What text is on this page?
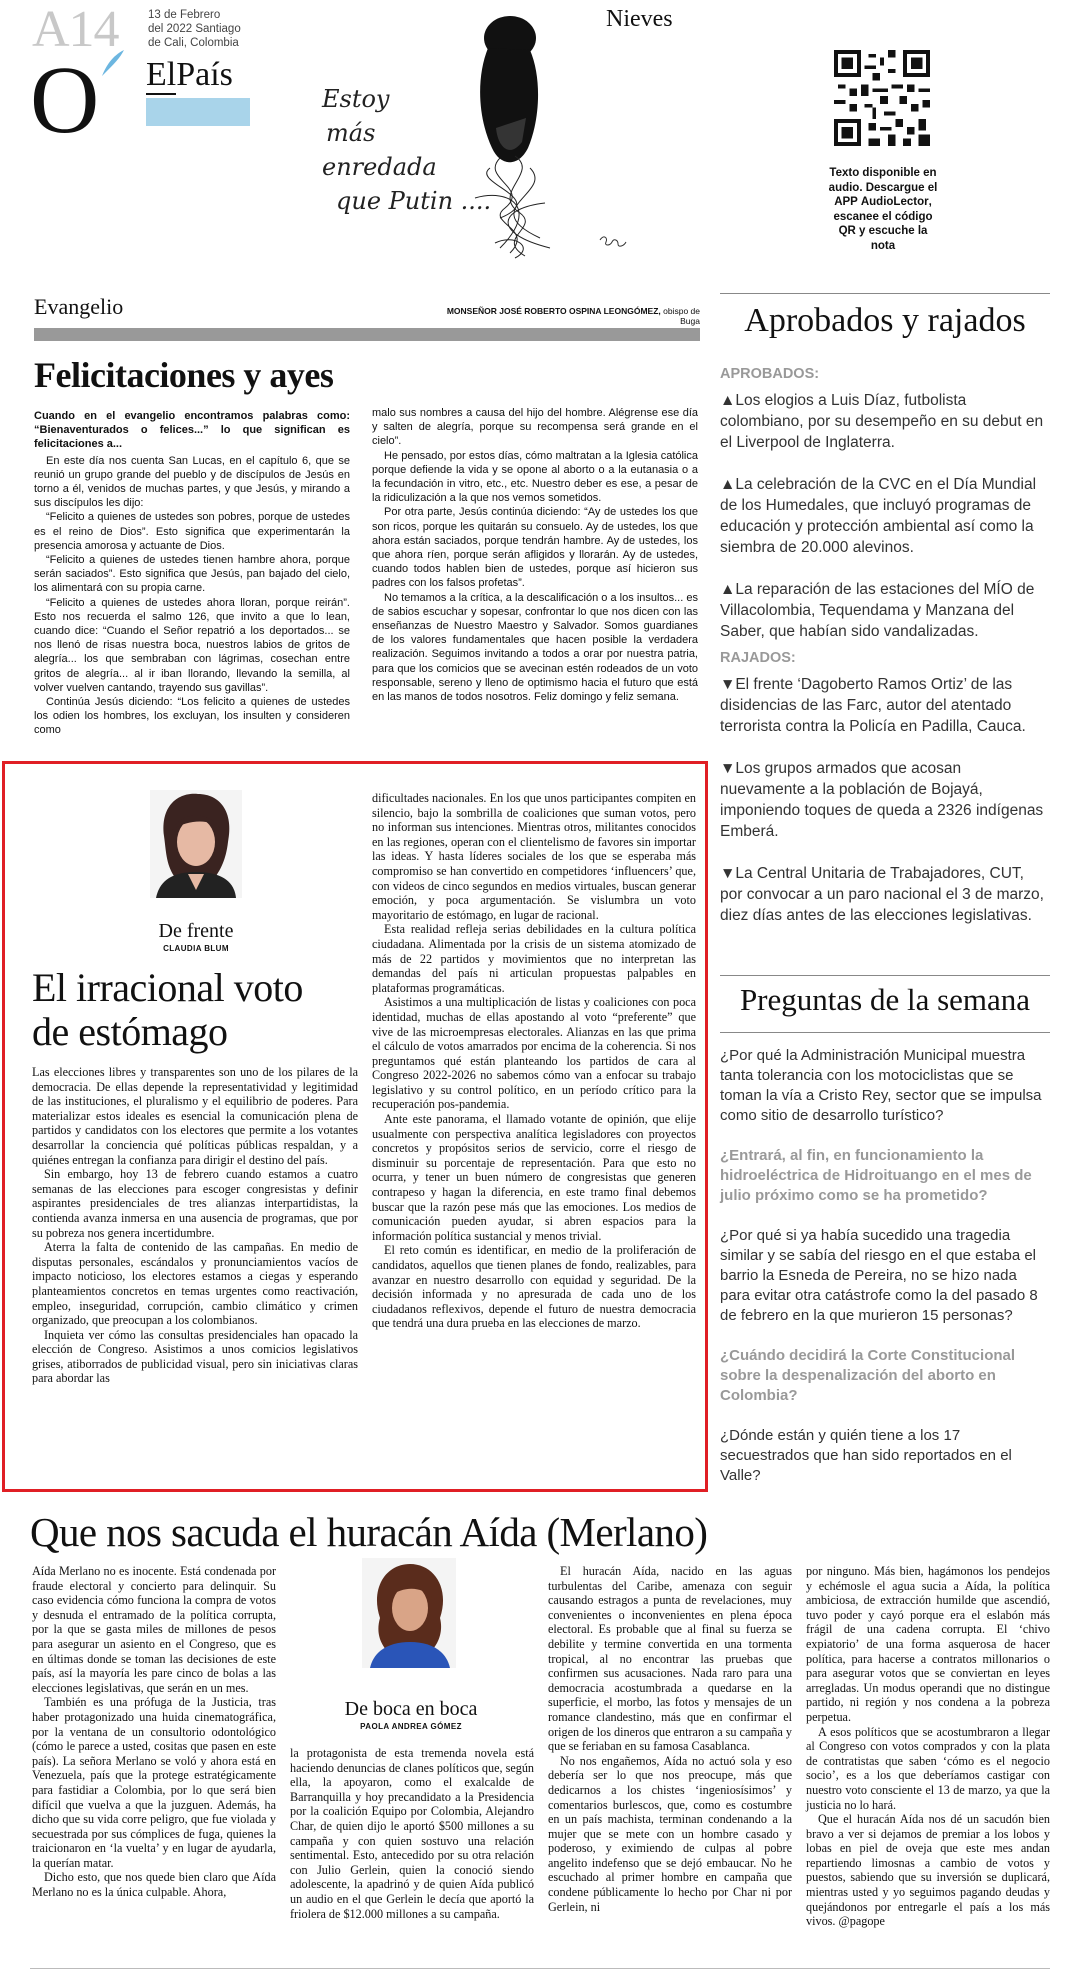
A14	13 de Febrero
del 2022 Santiago
de Cali, Colombia
O ElPaís
Nieves
Estoy
más
enredada
que Putin ....
Texto disponible en
audio. Descargue el
APP AudioLector,
escanee el código
QR y escuche la
nota
Evangelio	MONSEÑOR JOSÉ ROBERTO OSPINA LEONGÓMEZ, obispo de Buga
Felicitaciones y ayes

Cuando en el evangelio encontramos palabras como: “Bienaventurados o felices...” lo que significan es felicitaciones a...

En este día nos cuenta San Lucas, en el capítulo 6, que se reunió un grupo grande del pueblo y de discípulos de Jesús en torno a él, venidos de muchas partes, y que Jesús, y mirando a sus discípulos les dijo:

“Felicito a quienes de ustedes son pobres, porque de ustedes es el reino de Dios”. Esto significa que experimentarán la presencia amorosa y actuante de Dios.

“Felicito a quienes de ustedes tienen hambre ahora, porque serán saciados”. Esto significa que Jesús, pan bajado del cielo, los alimentará con su propia carne.

“Felicito a quienes de ustedes ahora lloran, porque reirán”. Esto nos recuerda el salmo 126, que invito a que lo lean, cuando dice: “Cuando el Señor repatrió a los deportados... se nos llenó de risas nuestra boca, nuestros labios de gritos de alegría... los que sembraban con lágrimas, cosechan entre gritos de alegría... al ir iban llorando, llevando la semilla, al volver vuelven cantando, trayendo sus gavillas”.

Continúa Jesús diciendo: “Los felicito a quienes de ustedes los odien los hombres, los excluyan, los insulten y consideren como

malo sus nombres a causa del hijo del hombre. Alégrense ese día y salten de alegría, porque su recompensa será grande en el cielo”.

He pensado, por estos días, cómo maltratan a la Iglesia católica porque defiende la vida y se opone al aborto o a la eutanasia o a la fecundación in vitro, etc., etc. Nuestro deber es ese, a pesar de la ridiculización a la que nos vemos sometidos.

Por otra parte, Jesús continúa diciendo: “Ay de ustedes los que son ricos, porque les quitarán su consuelo. Ay de ustedes, los que ahora están saciados, porque tendrán hambre. Ay de ustedes, los que ahora ríen, porque serán afligidos y llorarán. Ay de ustedes, cuando todos hablen bien de ustedes, porque así hicieron sus padres con los falsos profetas”.

No temamos a la crítica, a la descalificación o a los insultos... es de sabios escuchar y sopesar, confrontar lo que nos dicen con las enseñanzas de Nuestro Maestro y Salvador. Somos guardianes de los valores fundamentales que hacen posible la verdadera realización. Seguimos invitando a todos a orar por nuestra patria, para que los comicios que se avecinan estén rodeados de un voto responsable, sereno y lleno de optimismo hacia el futuro que está en las manos de todos nosotros. Feliz domingo y feliz semana.

Aprobados y rajados
APROBADOS:
▲Los elogios a Luis Díaz, futbolista colombiano, por su desempeño en su debut en el Liverpool de Inglaterra.
▲La celebración de la CVC en el Día Mundial de los Humedales, que incluyó programas de educación y protección ambiental así como la siembra de 20.000 alevinos.
▲La reparación de las estaciones del MÍO de Villacolombia, Tequendama y Manzana del Saber, que habían sido vandalizadas.
RAJADOS:
▼El frente ‘Dagoberto Ramos Ortiz’ de las disidencias de las Farc, autor del atentado terrorista contra la Policía en Padilla, Cauca.
▼Los grupos armados que acosan nuevamente a la población de Bojayá, imponiendo toques de queda a 2326 indígenas Emberá.
▼La Central Unitaria de Trabajadores, CUT, por convocar a un paro nacional el 3 de marzo, diez días antes de las elecciones legislativas.
Preguntas de la semana
¿Por qué la Administración Municipal muestra tanta tolerancia con los motociclistas que se toman la vía a Cristo Rey, sector que se impulsa como sitio de desarrollo turístico?
¿Entrará, al fin, en funcionamiento la hidroeléctrica de Hidroituango en el mes de julio próximo como se ha prometido?
¿Por qué si ya había sucedido una tragedia similar y se sabía del riesgo en el que estaba el barrio la Esneda de Pereira, no se hizo nada para evitar otra catástrofe como la del pasado 8 de febrero en la que murieron 15 personas?
¿Cuándo decidirá la Corte Constitucional sobre la despenalización del aborto en Colombia?
¿Dónde están y quién tiene a los 17 secuestrados que han sido reportados en el Valle?
De frente
CLAUDIA BLUM
El irracional voto
de estómago

Las elecciones libres y transparentes son uno de los pilares de la democracia. De ellas depende la representatividad y legitimidad de las instituciones, el pluralismo y el equilibrio de poderes. Para materializar estos ideales es esencial la comunicación plena de partidos y candidatos con los electores que permite a los votantes desarrollar la conciencia qué políticas públicas respaldan, y a quiénes entregan la confianza para dirigir el destino del país.

Sin embargo, hoy 13 de febrero cuando estamos a cuatro semanas de las elecciones para escoger congresistas y definir aspirantes presidenciales de tres alianzas interpartidistas, la contienda avanza inmersa en una ausencia de programas, que por su pobreza nos genera incertidumbre.

Aterra la falta de contenido de las campañas. En medio de disputas personales, escándalos y pronunciamientos vacíos de impacto noticioso, los electores estamos a ciegas y esperando planteamientos concretos en temas urgentes como reactivación, empleo, inseguridad, corrupción, cambio climático y crimen organizado, que preocupan a los colombianos.

Inquieta ver cómo las consultas presidenciales han opacado la elección de Congreso. Asistimos a unos comicios legislativos grises, atiborrados de publicidad visual, pero sin iniciativas claras para abordar las

dificultades nacionales. En los que unos participantes compiten en silencio, bajo la sombrilla de coaliciones que suman votos, pero no informan sus intenciones. Mientras otros, militantes conocidos en las regiones, operan con el clientelismo de favores sin importar las ideas. Y hasta líderes sociales de los que se esperaba más compromiso se han convertido en competidores ‘influencers’ que, con videos de cinco segundos en medios virtuales, buscan generar emoción, y poca argumentación. Se vislumbra un voto mayoritario de estómago, en lugar de racional.

Esta realidad refleja serias debilidades en la cultura política ciudadana. Alimentada por la crisis de un sistema atomizado de más de 22 partidos y movimientos que no interpretan las demandas del país ni articulan propuestas palpables en plataformas programáticas.

Asistimos a una multiplicación de listas y coaliciones con poca identidad, muchas de ellas apostando al voto “preferente” que vive de las microempresas electorales. Alianzas en las que prima el cálculo de votos amarrados por encima de la coherencia. Si nos preguntamos qué están planteando los partidos de cara al Congreso 2022-2026 no sabemos cómo van a enfocar su trabajo legislativo y su control político, en un período crítico para la recuperación pos-pandemia.

Ante este panorama, el llamado votante de opinión, que elije usualmente con perspectiva analítica legisladores con proyectos concretos y propósitos serios de servicio, corre el riesgo de disminuir su porcentaje de representación. Para que esto no ocurra, y tener un buen número de congresistas que generen contrapeso y hagan la diferencia, en este tramo final debemos buscar que la razón pese más que las emociones. Los medios de comunicación pueden ayudar, si abren espacios para la información política sustancial y menos trivial.

El reto común es identificar, en medio de la proliferación de candidatos, aquellos que tienen planes de fondo, realizables, para avanzar en nuestro desarrollo con equidad y seguridad. De la decisión informada y no apresurada de cada uno de los ciudadanos reflexivos, depende el futuro de nuestra democracia que tendrá una dura prueba en las elecciones de marzo.

Que nos sacuda el huracán Aída (Merlano)

Aída Merlano no es inocente. Está condenada por fraude electoral y concierto para delinquir. Su caso evidencia cómo funciona la compra de votos y desnuda el entramado de la política corrupta, por la que se gasta miles de millones de pesos para asegurar un asiento en el Congreso, que es en últimas donde se toman las decisiones de este país, así la mayoría les pare cinco de bolas a las elecciones legislativas, que serán en un mes.

También es una prófuga de la Justicia, tras haber protagonizado una huida cinematográfica, por la ventana de un consultorio odontológico (cómo le parece a usted, cositas que pasen en este país). La señora Merlano se voló y ahora está en Venezuela, país que la protege estratégicamente para fastidiar a Colombia, por lo que será bien difícil que vuelva a que la juzguen. Además, ha dicho que su vida corre peligro, que fue violada y secuestrada por sus cómplices de fuga, quienes la traicionaron en ‘la vuelta’ y en lugar de ayudarla, la querían matar.

Dicho esto, que nos quede bien claro que Aída Merlano no es la única culpable. Ahora,

De boca en boca
PAOLA ANDREA GÓMEZ

la protagonista de esta tremenda novela está haciendo denuncias de clanes políticos que, según ella, la apoyaron, como el exalcalde de Barranquilla y hoy precandidato a la Presidencia por la coalición Equipo por Colombia, Alejandro Char, de quien dijo le aportó $500 millones a su campaña y con quien sostuvo una relación sentimental. Esto, antecedido por su otra relación con Julio Gerlein, quien la conoció siendo adolescente, la apadrinó y de quien Aída publicó un audio en el que Gerlein le decía que aportó la friolera de $12.000 millones a su campaña.

El huracán Aída, nacido en las aguas turbulentas del Caribe, amenaza con seguir causando estragos a punta de revelaciones, muy convenientes o inconvenientes en plena época electoral. Es probable que al final su fuerza se debilite y termine convertida en una tormenta tropical, al no encontrar las pruebas que confirmen sus acusaciones. Nada raro para una democracia acostumbrada a quedarse en la superficie, el morbo, las fotos y mensajes de un romance clandestino, más que en confirmar el origen de los dineros que entraron a su campaña y que se feriaban en su famosa Casablanca.

No nos engañemos, Aída no actuó sola y eso debería ser lo que nos preocupe, más que dedicarnos a los chistes ‘ingeniosísimos’ y comentarios burlescos, que, como es costumbre en un país machista, terminan condenando a la mujer que se mete con un hombre casado y poderoso, y eximiendo de culpas al pobre angelito indefenso que se dejó embaucar. No he escuchado al primer hombre en campaña que condene públicamente lo hecho por Char ni por Gerlein, ni

por ninguno. Más bien, hagámonos los pendejos y echémosle el agua sucia a Aída, la política ambiciosa, de extracción humilde que ascendió, tuvo poder y cayó porque era el eslabón más frágil de una cadena corrupta. El ‘chivo expiatorio’ de una forma asquerosa de hacer política, para hacerse a contratos millonarios o para asegurar votos que se conviertan en leyes arregladas. Un modus operandi que no distingue partido, ni región y nos condena a la pobreza perpetua.

A esos políticos que se acostumbraron a llegar al Congreso con votos comprados y con la plata de contratistas que saben ‘cómo es el negocio socio’, es a los que deberíamos castigar con nuestro voto consciente el 13 de marzo, ya que la justicia no lo hará.

Que el huracán Aída nos dé un sacudón bien bravo a ver si dejamos de premiar a los lobos y lobas en piel de oveja que este mes andan repartiendo limosnas a cambio de votos y puestos, sabiendo que su inversión se duplicará, mientras usted y yo seguimos pagando deudas y quejándonos por entregarle el país a los más vivos. @pagope
